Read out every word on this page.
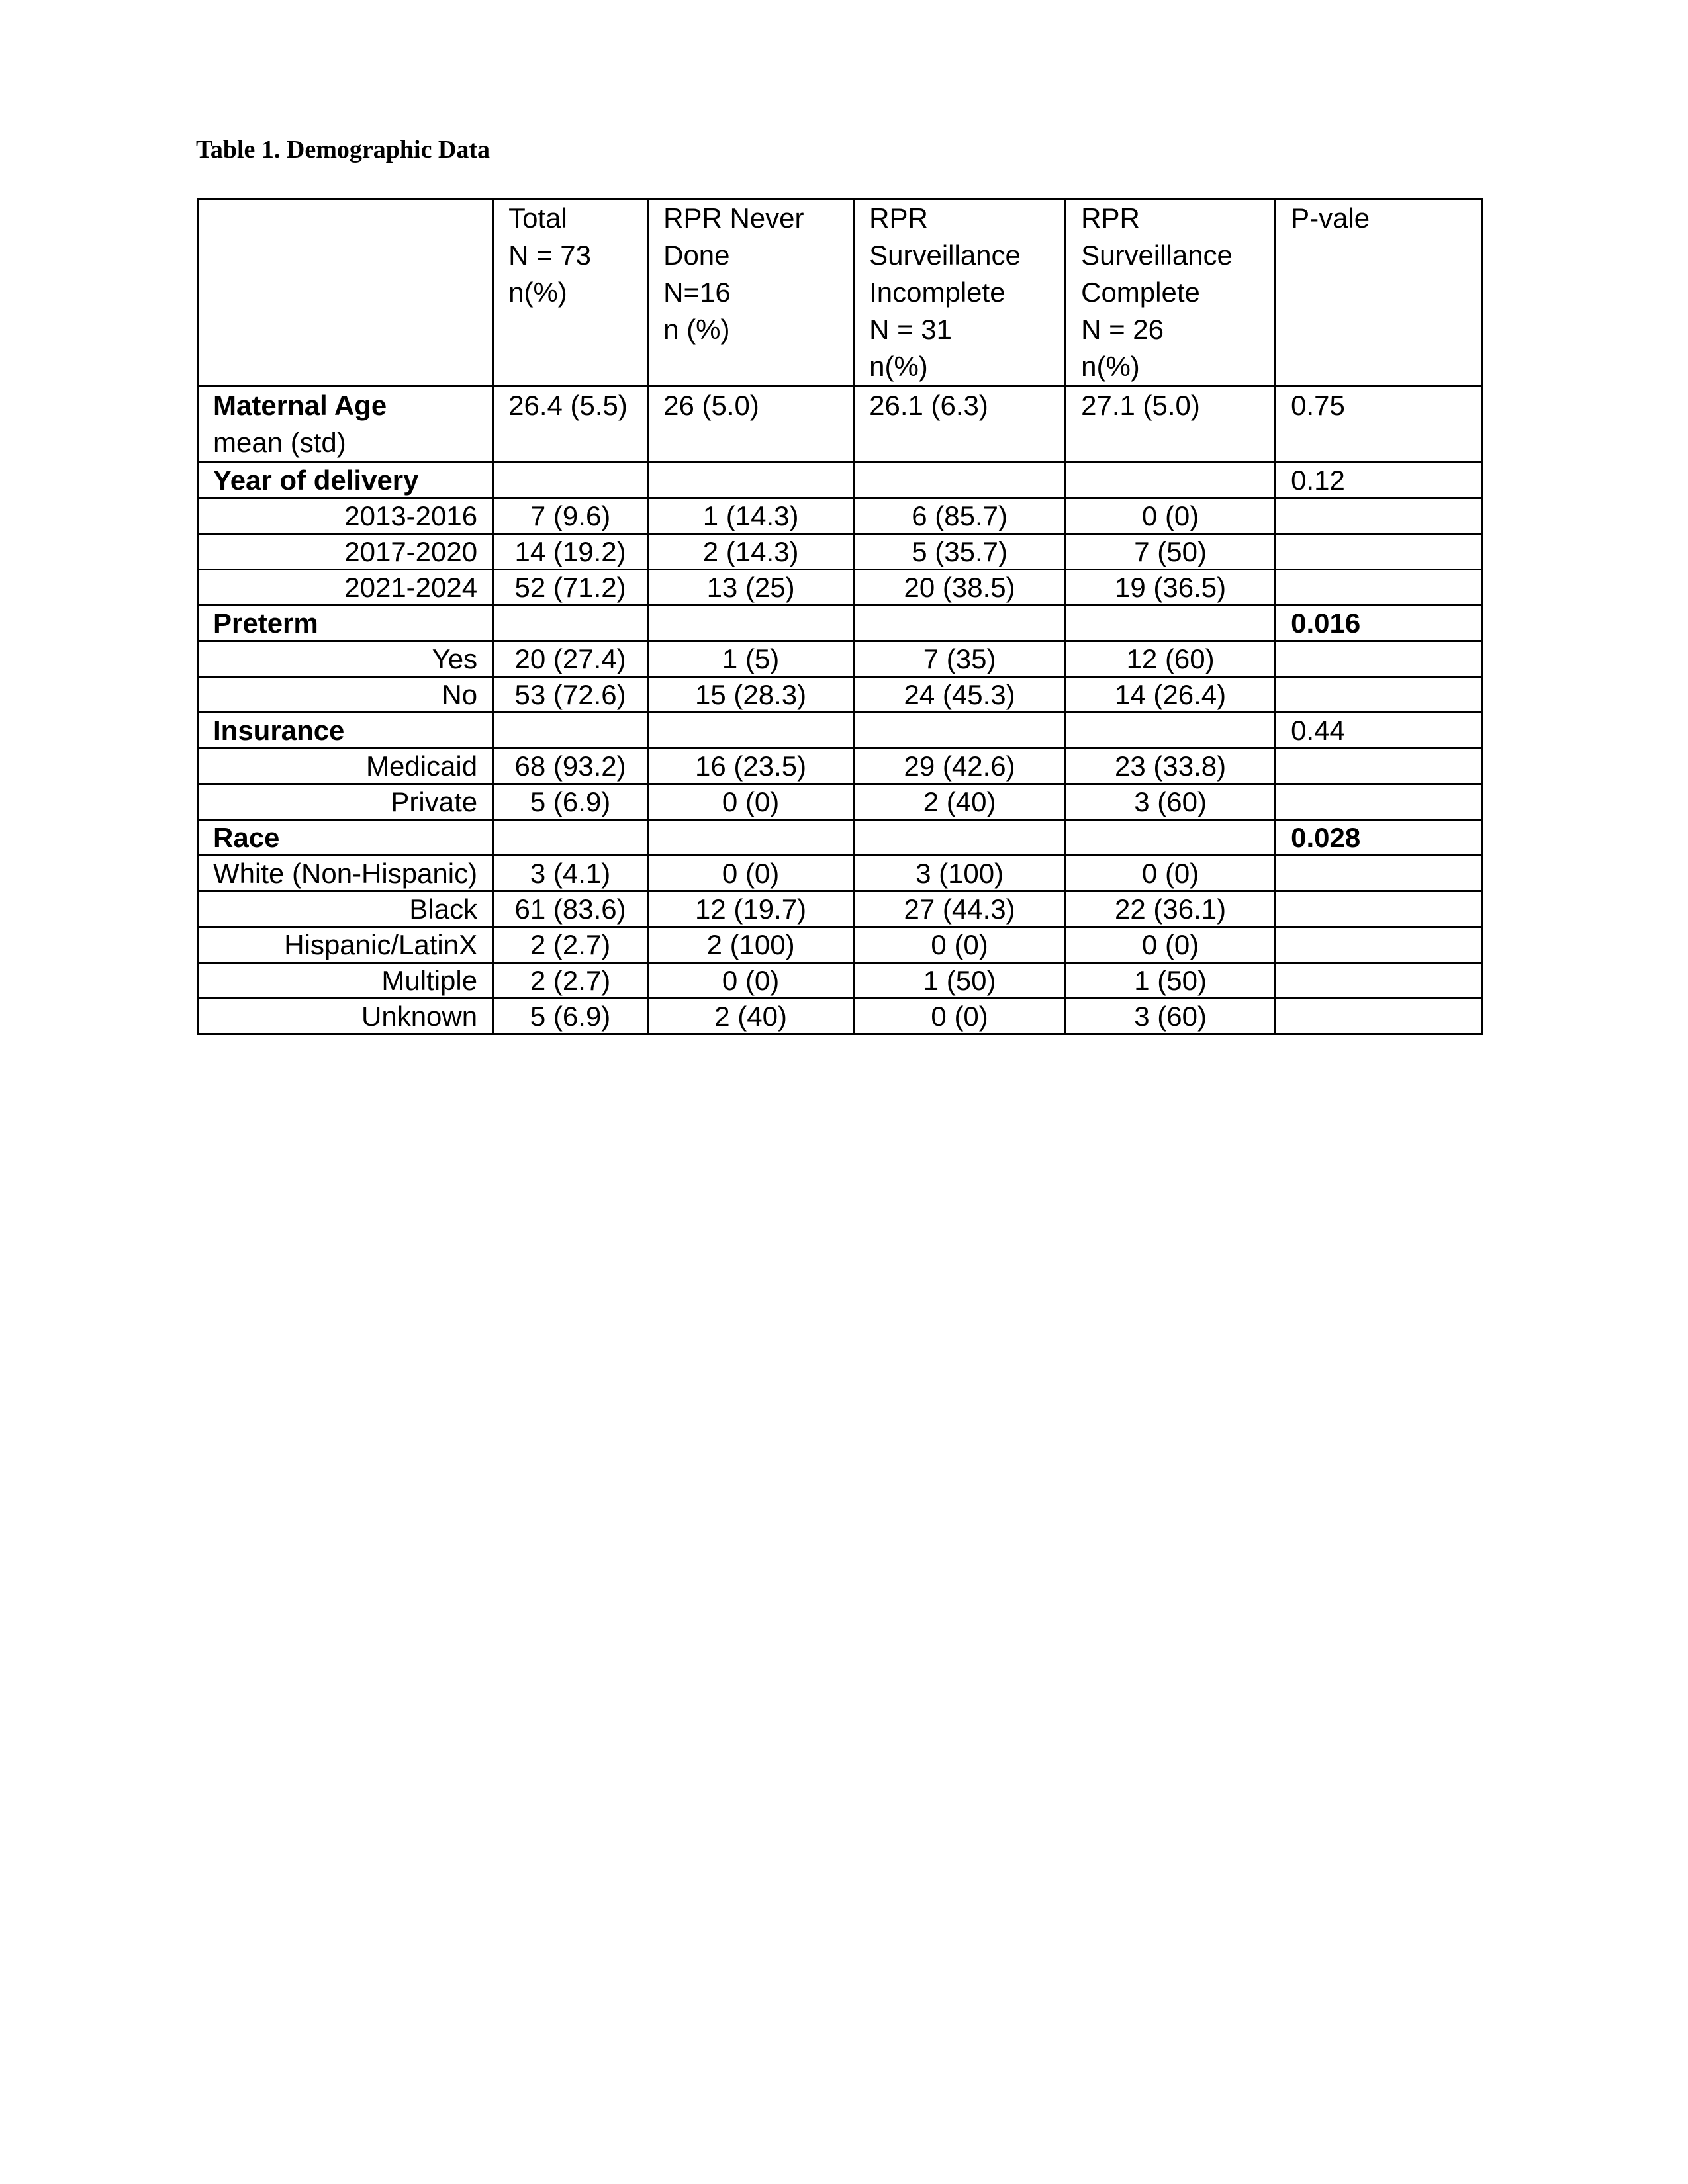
Table 1. Demographic Data

	Total
N = 73
n(%)	RPR Never
Done
N=16
n (%)	RPR
Surveillance
Incomplete
N = 31
n(%)	RPR
Surveillance
Complete
N = 26
n(%)	P-vale

Maternal Age
mean (std)	26.4 (5.5)	26 (5.0)	26.1 (6.3)	27.1 (5.0)	0.75
Year of delivery					0.12
2013-2016	7 (9.6)	1 (14.3)	6 (85.7)	0 (0)	
2017-2020	14 (19.2)	2 (14.3)	5 (35.7)	7 (50)	
2021-2024	52 (71.2)	13 (25)	20 (38.5)	19 (36.5)	
Preterm					0.016
Yes	20 (27.4)	1 (5)	7 (35)	12 (60)	
No	53 (72.6)	15 (28.3)	24 (45.3)	14 (26.4)	
Insurance					0.44
Medicaid	68 (93.2)	16 (23.5)	29 (42.6)	23 (33.8)	
Private	5 (6.9)	0 (0)	2 (40)	3 (60)	
Race					0.028
White (Non-Hispanic)	3 (4.1)	0 (0)	3 (100)	0 (0)	
Black	61 (83.6)	12 (19.7)	27 (44.3)	22 (36.1)	
Hispanic/LatinX	2 (2.7)	2 (100)	0 (0)	0 (0)	
Multiple	2 (2.7)	0 (0)	1 (50)	1 (50)	
Unknown	5 (6.9)	2 (40)	0 (0)	3 (60)	
